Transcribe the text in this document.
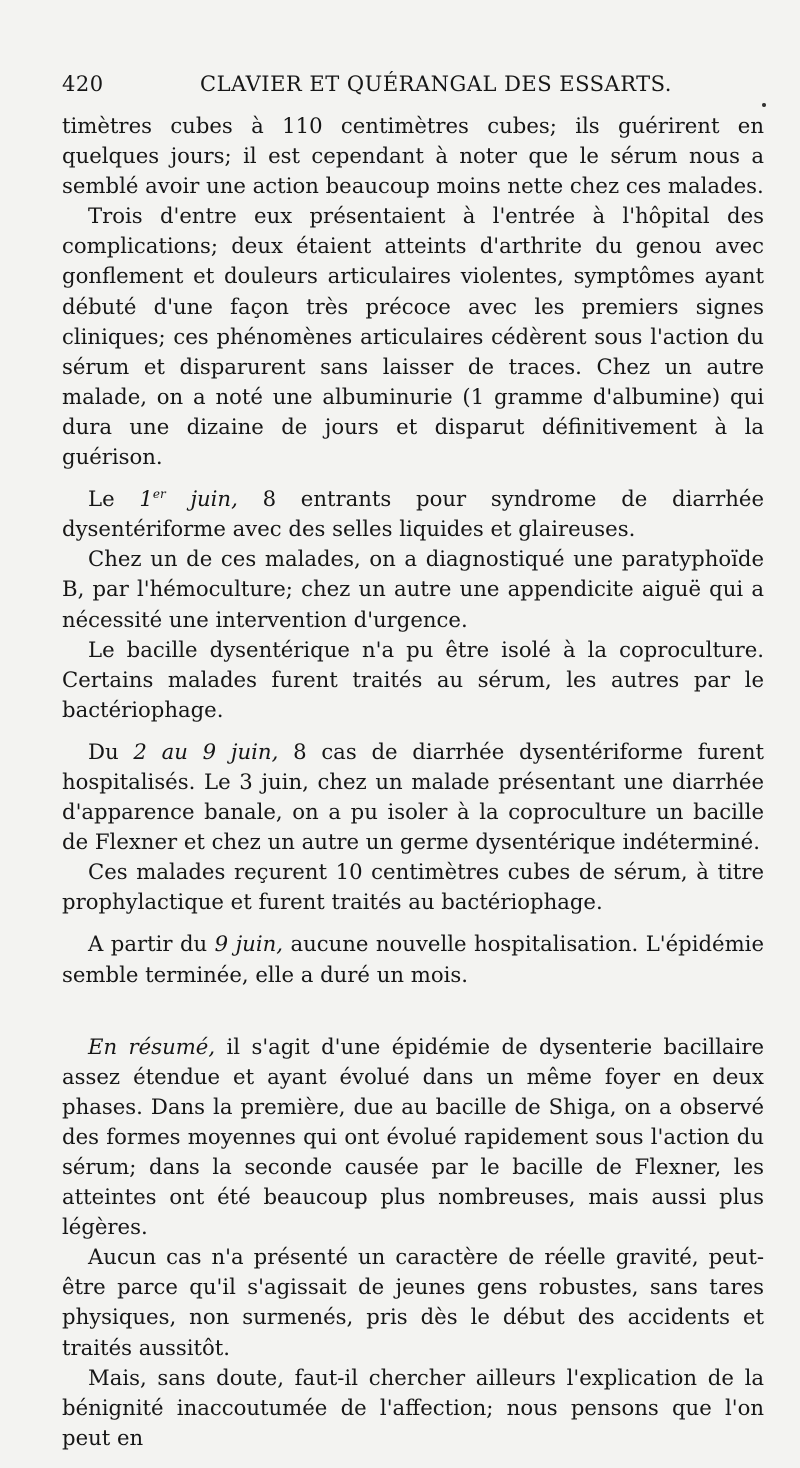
420	CLAVIER ET QUÉRANGAL DES ESSARTS.

timètres cubes à 110 centimètres cubes; ils guérirent en quelques jours; il est cependant à noter que le sérum nous a semblé avoir une action beaucoup moins nette chez ces malades.

Trois d'entre eux présentaient à l'entrée à l'hôpital des complications; deux étaient atteints d'arthrite du genou avec gonflement et douleurs articulaires violentes, symptômes ayant débuté d'une façon très précoce avec les premiers signes cliniques; ces phénomènes articulaires cédèrent sous l'action du sérum et disparurent sans laisser de traces. Chez un autre malade, on a noté une albuminurie (1 gramme d'albumine) qui dura une dizaine de jours et disparut définitivement à la guérison.

Le 1er juin, 8 entrants pour syndrome de diarrhée dysentériforme avec des selles liquides et glaireuses.

Chez un de ces malades, on a diagnostiqué une paratyphoïde B, par l'hémoculture; chez un autre une appendicite aiguë qui a nécessité une intervention d'urgence.

Le bacille dysentérique n'a pu être isolé à la coproculture. Certains malades furent traités au sérum, les autres par le bactériophage.

Du 2 au 9 juin, 8 cas de diarrhée dysentériforme furent hospitalisés. Le 3 juin, chez un malade présentant une diarrhée d'apparence banale, on a pu isoler à la coproculture un bacille de Flexner et chez un autre un germe dysentérique indéterminé.

Ces malades reçurent 10 centimètres cubes de sérum, à titre prophylactique et furent traités au bactériophage.

A partir du 9 juin, aucune nouvelle hospitalisation. L'épidémie semble terminée, elle a duré un mois.

En résumé, il s'agit d'une épidémie de dysenterie bacillaire assez étendue et ayant évolué dans un même foyer en deux phases. Dans la première, due au bacille de Shiga, on a observé des formes moyennes qui ont évolué rapidement sous l'action du sérum; dans la seconde causée par le bacille de Flexner, les atteintes ont été beaucoup plus nombreuses, mais aussi plus légères.

Aucun cas n'a présenté un caractère de réelle gravité, peut-être parce qu'il s'agissait de jeunes gens robustes, sans tares physiques, non surmenés, pris dès le début des accidents et traités aussitôt.

Mais, sans doute, faut-il chercher ailleurs l'explication de la bénignité inaccoutumée de l'affection; nous pensons que l'on peut en
